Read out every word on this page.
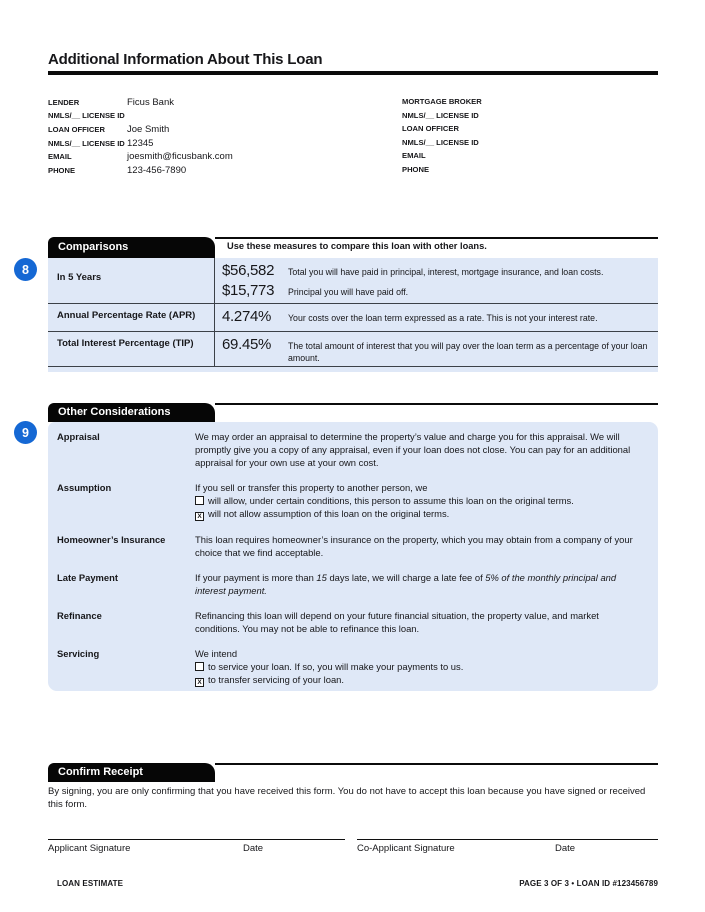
Additional Information About This Loan
LENDER	Ficus Bank
NMLS/__ LICENSE ID
LOAN OFFICER	Joe Smith
NMLS/__ LICENSE ID 12345
EMAIL	joesmith@ficusbank.com
PHONE	123-456-7890
MORTGAGE BROKER
NMLS/__ LICENSE ID
LOAN OFFICER
NMLS/__ LICENSE ID
EMAIL
PHONE
8
Comparisons	Use these measures to compare this loan with other loans.
In 5 Years	$56,582	Total you will have paid in principal, interest, mortgage insurance, and loan costs.
$15,773	Principal you will have paid off.
Annual Percentage Rate (APR)	4.274%	Your costs over the loan term expressed as a rate. This is not your interest rate.
Total Interest Percentage (TIP)	69.45%	The total amount of interest that you will pay over the loan term as a percentage of your loan amount.
9
Other Considerations
Appraisal	We may order an appraisal to determine the property’s value and charge you for this appraisal. We will promptly give you a copy of any appraisal, even if your loan does not close. You can pay for an additional appraisal for your own use at your own cost.
Assumption	If you sell or transfer this property to another person, we
will allow, under certain conditions, this person to assume this loan on the original terms.
X will not allow assumption of this loan on the original terms.
Homeowner’s Insurance	This loan requires homeowner’s insurance on the property, which you may obtain from a company of your choice that we find acceptable.
Late Payment	If your payment is more than 15 days late, we will charge a late fee of 5% of the monthly principal and interest payment.
Refinance	Refinancing this loan will depend on your future financial situation, the property value, and market conditions. You may not be able to refinance this loan.
Servicing	We intend
to service your loan. If so, you will make your payments to us.
X to transfer servicing of your loan.
Confirm Receipt
By signing, you are only confirming that you have received this form. You do not have to accept this loan because you have signed or received this form.
Applicant Signature	Date	Co-Applicant Signature	Date
LOAN ESTIMATE	PAGE 3 OF 3 • LOAN ID #123456789
